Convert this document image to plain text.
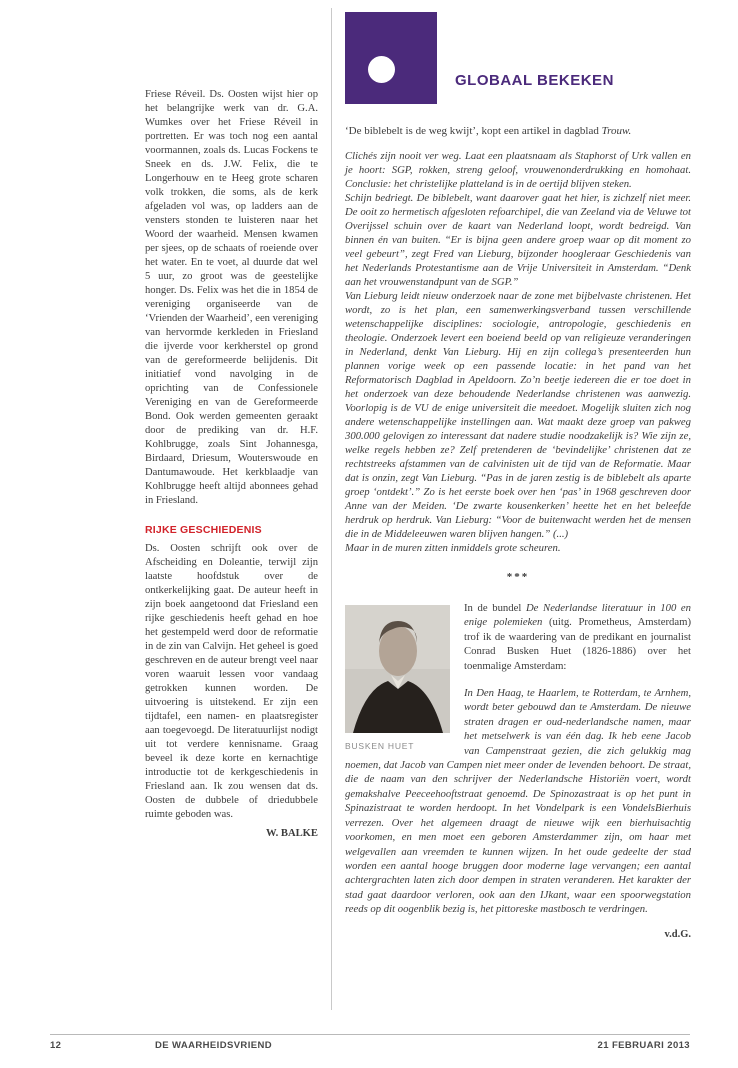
Friese Réveil. Ds. Oosten wijst hier op het belangrijke werk van dr. G.A. Wumkes over het Friese Réveil in portretten. Er was toch nog een aantal voormannen, zoals ds. Lucas Fockens te Sneek en ds. J.W. Felix, die te Longerhouw en te Heeg grote scharen volk trokken, die soms, als de kerk afgeladen vol was, op ladders aan de vensters stonden te luisteren naar het Woord der waarheid. Mensen kwamen per sjees, op de schaats of roeiende over het water. En te voet, al duurde dat wel 5 uur, zo groot was de geestelijke honger. Ds. Felix was het die in 1854 de vereniging organiseerde van de ‘Vrienden der Waarheid’, een vereniging van hervormde kerkleden in Friesland die ijverde voor kerkherstel op grond van de gereformeerde belijdenis. Dit initiatief vond navolging in de oprichting van de Confessionele Vereniging en van de Gereformeerde Bond. Ook werden gemeenten geraakt door de prediking van dr. H.F. Kohlbrugge, zoals Sint Johannesga, Birdaard, Driesum, Wouterswoude en Dantumawoude. Het kerkblaadje van Kohlbrugge heeft altijd abonnees gehad in Friesland.

RIJKE GESCHIEDENIS

Ds. Oosten schrijft ook over de Afscheiding en Doleantie, terwijl zijn laatste hoofdstuk over de ontkerkelijking gaat. De auteur heeft in zijn boek aangetoond dat Friesland een rijke geschiedenis heeft gehad en hoe het gestempeld werd door de reformatie in de zin van Calvijn. Het geheel is goed geschreven en de auteur brengt veel naar voren waaruit lessen voor vandaag getrokken kunnen worden. De uitvoering is uitstekend. Er zijn een tijdtafel, een namen- en plaatsregister aan toegevoegd. De literatuurlijst nodigt uit tot verdere kennisname. Graag beveel ik deze korte en kernachtige introductie tot de kerkgeschiedenis in Friesland aan. Ik zou wensen dat ds. Oosten de dubbele of driedubbele ruimte geboden was.

W. BALKE

GLOBAAL BEKEKEN

‘De biblebelt is de weg kwijt’, kopt een artikel in dagblad Trouw.

Clichés zijn nooit ver weg. Laat een plaatsnaam als Staphorst of Urk vallen en je hoort: SGP, rokken, streng geloof, vrouwenonderdrukking en homohaat. Conclusie: het christelijke platteland is in de oertijd blijven steken.

Schijn bedriegt. De biblebelt, want daarover gaat het hier, is zichzelf niet meer. De ooit zo hermetisch afgesloten refoarchipel, die van Zeeland via de Veluwe tot Overijssel schuin over de kaart van Nederland loopt, wordt bedreigd. Van binnen én van buiten. “Er is bijna geen andere groep waar op dit moment zo veel gebeurt”, zegt Fred van Lieburg, bijzonder hoogleraar Geschiedenis van het Nederlands Protestantisme aan de Vrije Universiteit in Amsterdam. “Denk aan het vrouwenstandpunt van de SGP.”

Van Lieburg leidt nieuw onderzoek naar de zone met bijbelvaste christenen. Het wordt, zo is het plan, een samenwerkingsverband tussen verschillende wetenschappelijke disciplines: sociologie, antropologie, geschiedenis en theologie. Onderzoek levert een boeiend beeld op van religieuze veranderingen in Nederland, denkt Van Lieburg. Hij en zijn collega’s presenteerden hun plannen vorige week op een passende locatie: in het pand van het Reformatorisch Dagblad in Apeldoorn. Zo’n beetje iedereen die er toe doet in het onderzoek van deze behoudende Nederlandse christenen was aanwezig. Voorlopig is de VU de enige universiteit die meedoet. Mogelijk sluiten zich nog andere wetenschappelijke instellingen aan. Wat maakt deze groep van pakweg 300.000 gelovigen zo interessant dat nadere studie noodzakelijk is? Wie zijn ze, welke regels hebben ze? Zelf pretenderen de ‘bevindelijke’ christenen dat ze rechtstreeks afstammen van de calvinisten uit de tijd van de Reformatie. Maar dat is onzin, zegt Van Lieburg. “Pas in de jaren zestig is de biblebelt als aparte groep ‘ontdekt’.” Zo is het eerste boek over hen ‘pas’ in 1968 geschreven door Anne van der Meiden. ‘De zwarte kousenkerken’ heette het en het beleefde herdruk op herdruk. Van Lieburg: “Voor de buitenwacht werden het de mensen die in de Middeleeuwen waren blijven hangen.” (...)

Maar in de muren zitten inmiddels grote scheuren.

***
BUSKEN HUET

In de bundel De Nederlandse literatuur in 100 en enige polemieken (uitg. Prometheus, Amsterdam) trof ik de waardering van de predikant en journalist Conrad Busken Huet (1826-1886) over het toenmalige Amsterdam:

In Den Haag, te Haarlem, te Rotterdam, te Arnhem, wordt beter gebouwd dan te Amsterdam. De nieuwe straten dragen er oud-nederlandsche namen, maar het metselwerk is van één dag. Ik heb eene Jacob van Campenstraat gezien, die zich gelukkig mag noemen, dat Jacob van Campen niet meer onder de levenden behoort. De straat, die de naam van den schrijver der Nederlandsche Historiën voert, wordt gemakshalve Peeceehooftstraat genoemd. De Spinozastraat is op het punt in Spinazistraat te worden herdoopt. In het Vondelpark is een VondelsBierhuis verrezen. Over het algemeen draagt de nieuwe wijk een bierhuisachtig voorkomen, en men moet een geboren Amsterdammer zijn, om haar met welgevallen aan vreemden te kunnen wijzen. In het oude gedeelte der stad worden een aantal hooge bruggen door moderne lage vervangen; een aantal achtergrachten laten zich door dempen in straten veranderen. Het karakter der stad gaat daardoor verloren, ook aan den IJkant, waar een spoorwegstation reeds op dit oogenblik bezig is, het pittoreske mastbosch te verdringen.

v.d.G.

12	DE WAARHEIDSVRIEND	21 FEBRUARI 2013
